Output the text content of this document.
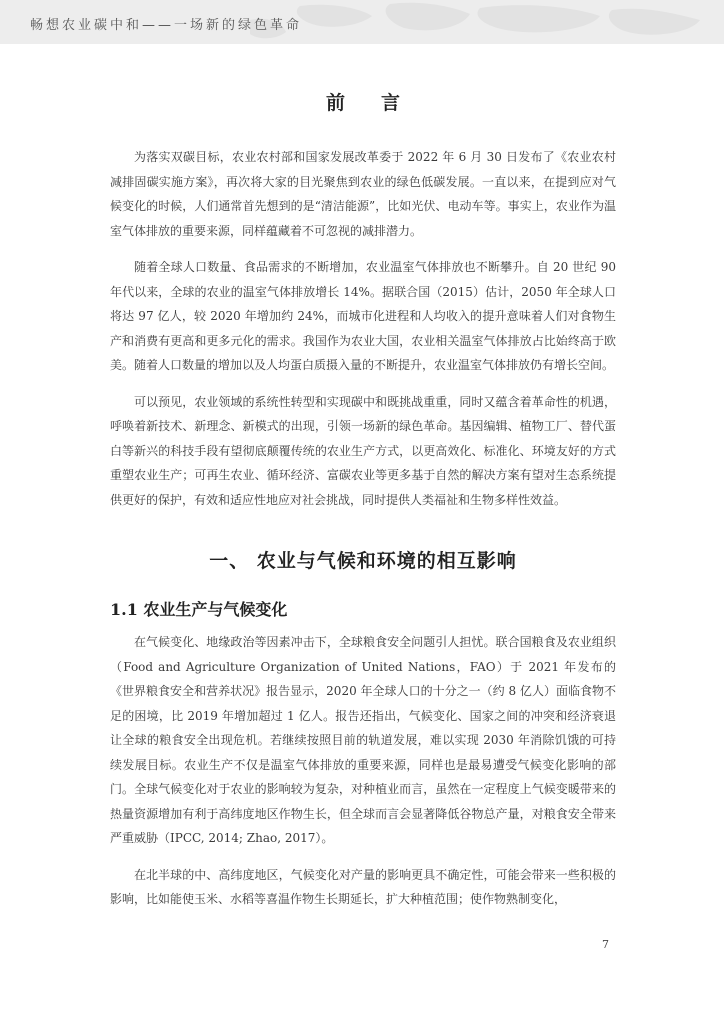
畅想农业碳中和——一场新的绿色革命
前言

为落实双碳目标，农业农村部和国家发展改革委于 2022 年 6 月 30 日发布了《农业农村减排固碳实施方案》，再次将大家的目光聚焦到农业的绿色低碳发展。一直以来，在提到应对气候变化的时候，人们通常首先想到的是“清洁能源”，比如光伏、电动车等。事实上，农业作为温室气体排放的重要来源，同样蕴藏着不可忽视的减排潜力。

随着全球人口数量、食品需求的不断增加，农业温室气体排放也不断攀升。自 20 世纪 90 年代以来，全球的农业的温室气体排放增长 14%。据联合国（2015）估计，2050 年全球人口将达 97 亿人，较 2020 年增加约 24%，而城市化进程和人均收入的提升意味着人们对食物生产和消费有更高和更多元化的需求。我国作为农业大国，农业相关温室气体排放占比始终高于欧美。随着人口数量的增加以及人均蛋白质摄入量的不断提升，农业温室气体排放仍有增长空间。

可以预见，农业领域的系统性转型和实现碳中和既挑战重重，同时又蕴含着革命性的机遇，呼唤着新技术、新理念、新模式的出现，引领一场新的绿色革命。基因编辑、植物工厂、替代蛋白等新兴的科技手段有望彻底颠覆传统的农业生产方式，以更高效化、标准化、环境友好的方式重塑农业生产；可再生农业、循环经济、富碳农业等更多基于自然的解决方案有望对生态系统提供更好的保护，有效和适应性地应对社会挑战，同时提供人类福祉和生物多样性效益。

一、 农业与气候和环境的相互影响
1.1 农业生产与气候变化

在气候变化、地缘政治等因素冲击下，全球粮食安全问题引人担忧。联合国粮食及农业组织（Food and Agriculture Organization of United Nations，FAO）于 2021 年发布的《世界粮食安全和营养状况》报告显示，2020 年全球人口的十分之一（约 8 亿人）面临食物不足的困境，比 2019 年增加超过 1 亿人。报告还指出，气候变化、国家之间的冲突和经济衰退让全球的粮食安全出现危机。若继续按照目前的轨道发展，难以实现 2030 年消除饥饿的可持续发展目标。农业生产不仅是温室气体排放的重要来源，同样也是最易遭受气候变化影响的部门。全球气候变化对于农业的影响较为复杂，对种植业而言，虽然在一定程度上气候变暖带来的热量资源增加有利于高纬度地区作物生长，但全球而言会显著降低谷物总产量，对粮食安全带来严重威胁（IPCC, 2014; Zhao, 2017）。

在北半球的中、高纬度地区，气候变化对产量的影响更具不确定性，可能会带来一些积极的影响，比如能使玉米、水稻等喜温作物生长期延长，扩大种植范围；使作物熟制变化，

7
